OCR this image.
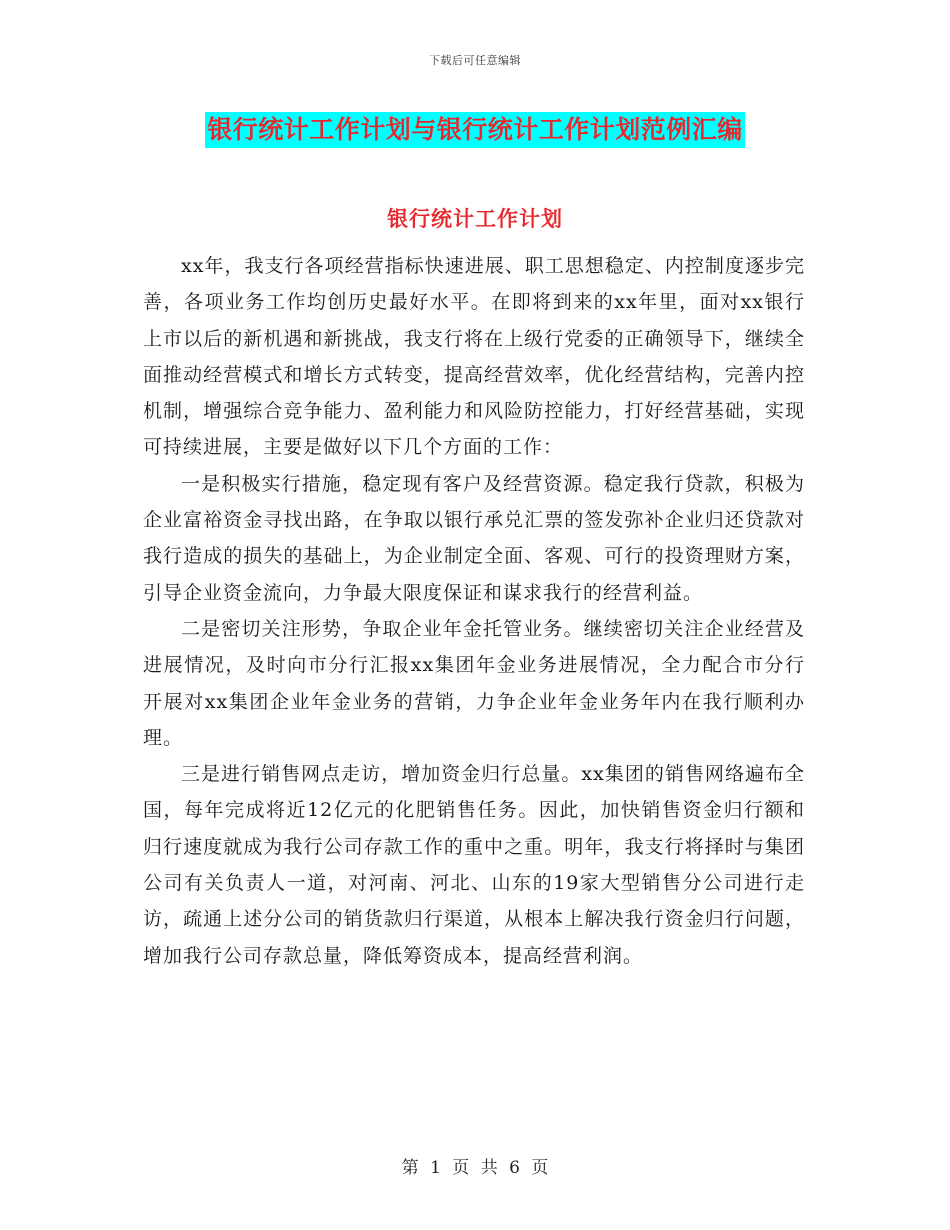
下载后可任意编辑
银行统计工作计划与银行统计工作计划范例汇编
银行统计工作计划

xx年，我支行各项经营指标快速进展、职工思想稳定、内控制度逐步完善，各项业务工作均创历史最好水平。在即将到来的xx年里，面对xx银行上市以后的新机遇和新挑战，我支行将在上级行党委的正确领导下，继续全面推动经营模式和增长方式转变，提高经营效率，优化经营结构，完善内控机制，增强综合竞争能力、盈利能力和风险防控能力，打好经营基础，实现可持续进展，主要是做好以下几个方面的工作：

一是积极实行措施，稳定现有客户及经营资源。稳定我行贷款，积极为企业富裕资金寻找出路，在争取以银行承兑汇票的签发弥补企业归还贷款对我行造成的损失的基础上，为企业制定全面、客观、可行的投资理财方案，引导企业资金流向，力争最大限度保证和谋求我行的经营利益。

二是密切关注形势，争取企业年金托管业务。继续密切关注企业经营及进展情况，及时向市分行汇报xx集团年金业务进展情况，全力配合市分行开展对xx集团企业年金业务的营销，力争企业年金业务年内在我行顺利办理。

三是进行销售网点走访，增加资金归行总量。xx集团的销售网络遍布全国，每年完成将近12亿元的化肥销售任务。因此，加快销售资金归行额和归行速度就成为我行公司存款工作的重中之重。明年，我支行将择时与集团公司有关负责人一道，对河南、河北、山东的19家大型销售分公司进行走访，疏通上述分公司的销货款归行渠道，从根本上解决我行资金归行问题，增加我行公司存款总量，降低筹资成本，提高经营利润。

第 1 页 共 6 页
